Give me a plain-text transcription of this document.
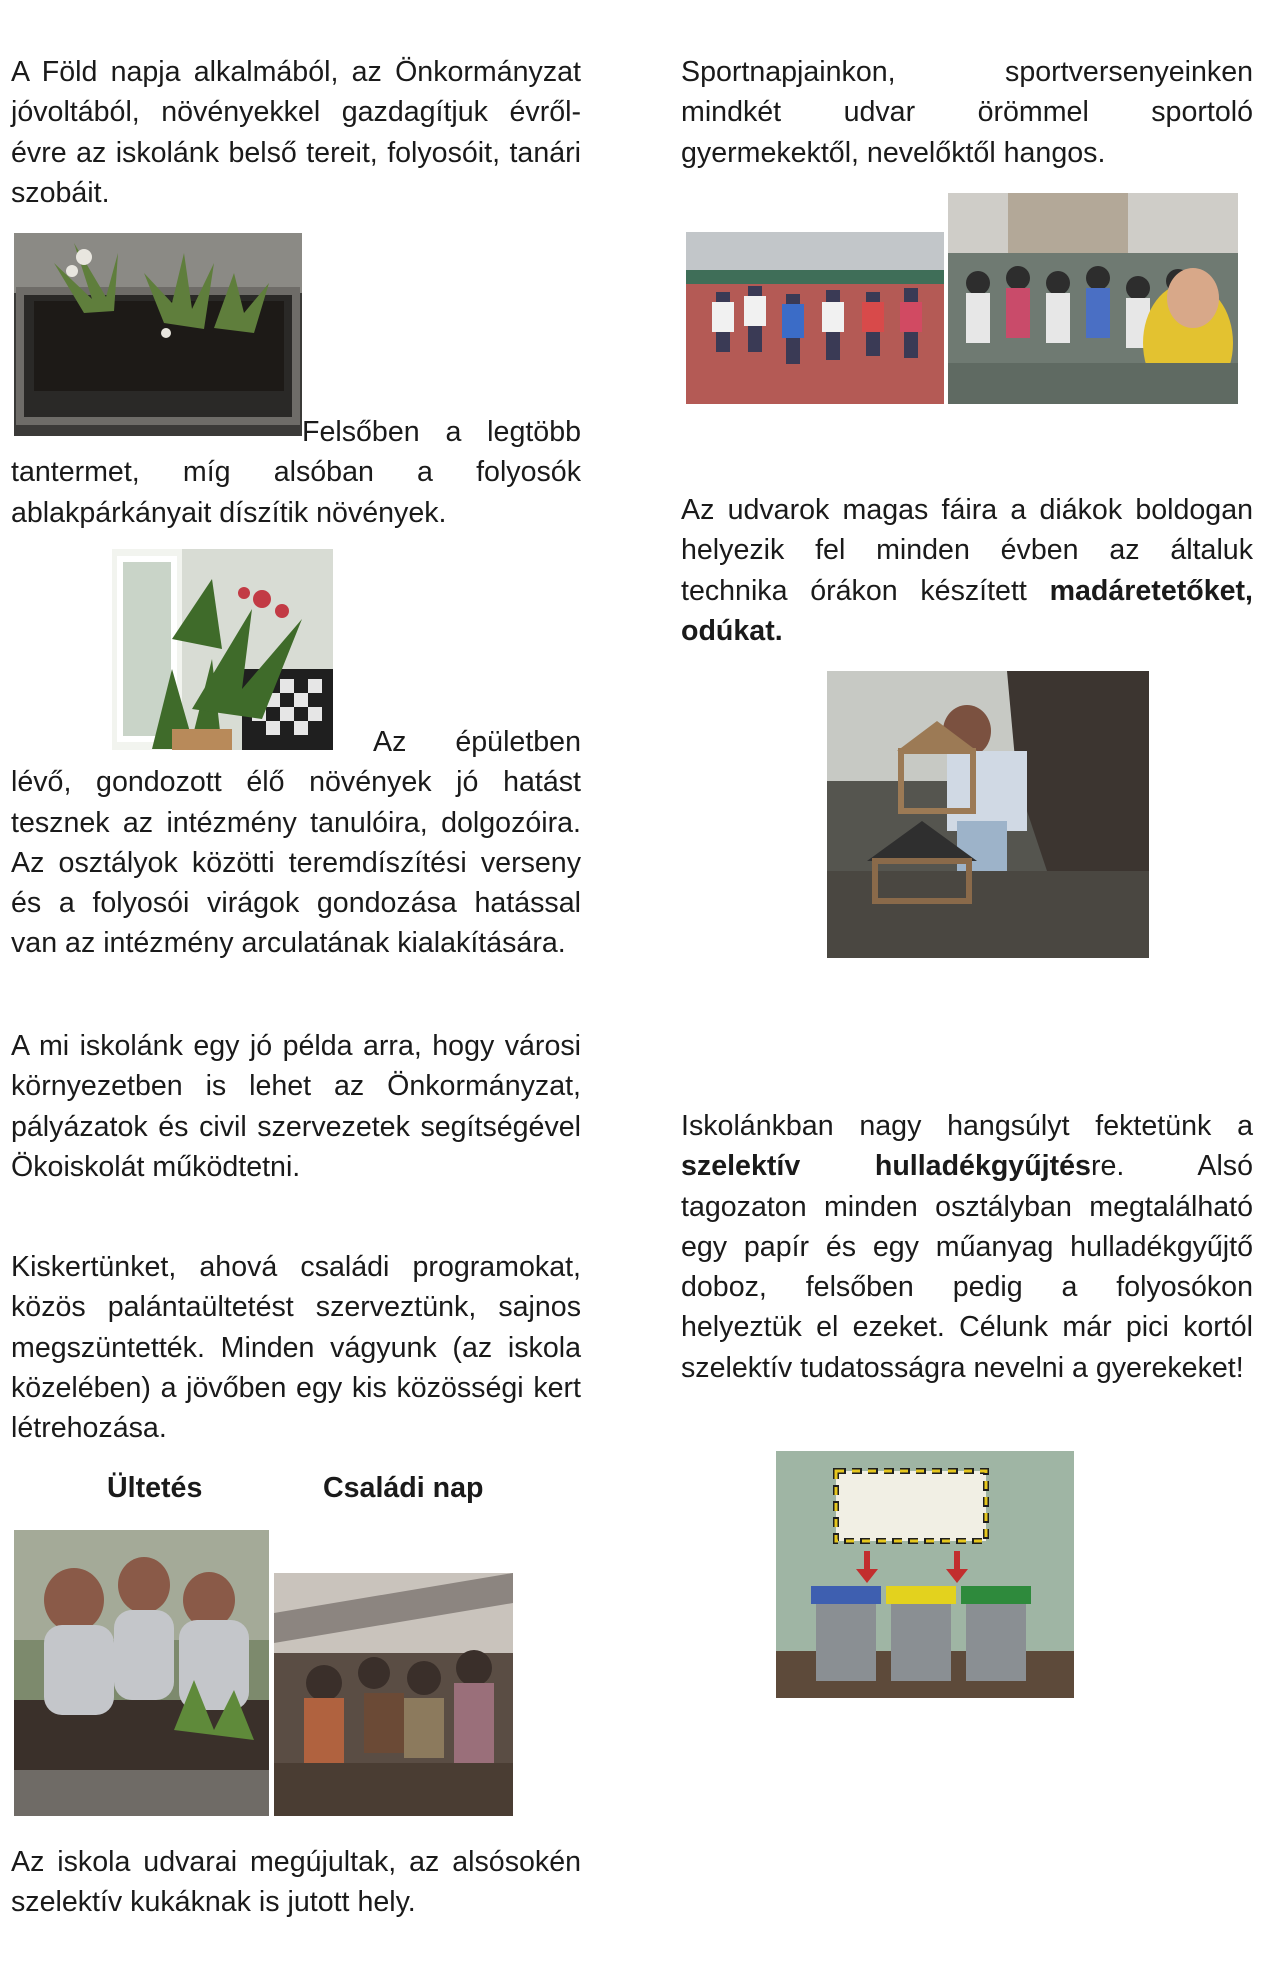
A Föld napja alkalmából, az Önkormányzat jóvoltából, növényekkel gazdagítjuk évről-évre az iskolánk belső tereit, folyosóit, tanári szobáit.

Felsőben a legtöbb tantermet, míg alsóban a folyosók ablakpárkányait díszítik növények.

Az épületben lévő, gondozott élő növények jó hatást tesznek az intézmény tanulóira, dolgozóira. Az osztályok közötti teremdíszítési verseny és a folyosói virágok gondozása hatással van az intézmény arculatának kialakítására.

A mi iskolánk egy jó példa arra, hogy városi környezetben is lehet az Önkormányzat, pályázatok és civil szervezetek segítségével Ökoiskolát működtetni.

Kiskertünket, ahová családi programokat, közös palántaültetést szerveztünk, sajnos megszüntették. Minden vágyunk (az iskola közelében) a jövőben egy kis közösségi kert létrehozása.

Ültetés	Családi nap

Az iskola udvarai megújultak, az alsósokén szelektív kukáknak is jutott hely.

Sportnapjainkon, sportversenyeinken mindkét udvar örömmel sportoló gyermekektől, nevelőktől hangos.

Az udvarok magas fáira a diákok boldogan helyezik fel minden évben az általuk technika órákon készített madáretetőket, odúkat.

Iskolánkban nagy hangsúlyt fektetünk a szelektív hulladékgyűjtésre. Alsó tagozaton minden osztályban megtalálható egy papír és egy műanyag hulladékgyűjtő doboz, felsőben pedig a folyosókon helyeztük el ezeket. Célunk már pici kortól szelektív tudatosságra nevelni a gyerekeket!
